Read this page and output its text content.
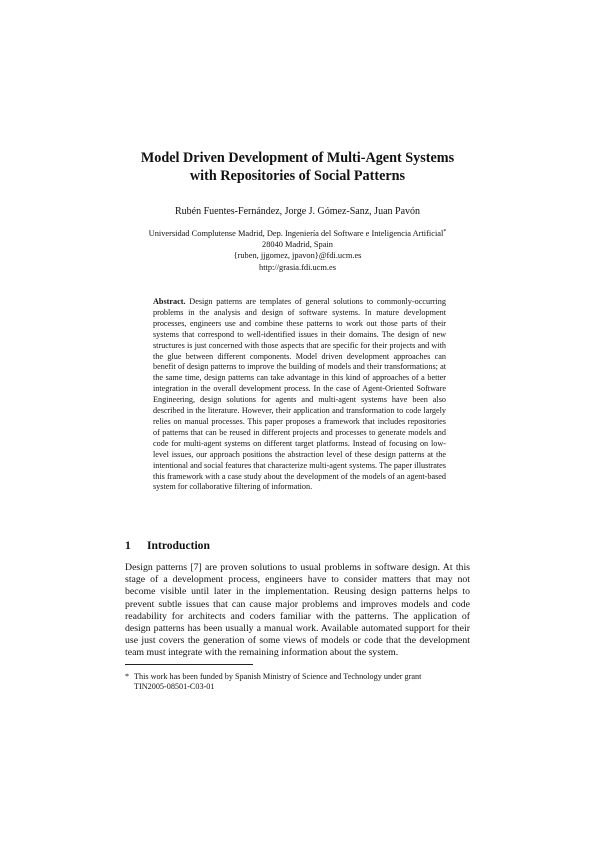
Model Driven Development of Multi-Agent Systems
with Repositories of Social Patterns
Rubén Fuentes-Fernández, Jorge J. Gómez-Sanz, Juan Pavón
Universidad Complutense Madrid, Dep. Ingeniería del Software e Inteligencia Artificial*
28040 Madrid, Spain
{ruben, jjgomez, jpavon}@fdi.ucm.es
http://grasia.fdi.ucm.es
Abstract. Design patterns are templates of general solutions to commonly-occurring problems in the analysis and design of software systems. In mature development processes, engineers use and combine these patterns to work out those parts of their systems that correspond to well-identified issues in their domains. The design of new structures is just concerned with those aspects that are specific for their projects and with the glue between different components. Model driven development approaches can benefit of design patterns to improve the building of models and their transformations; at the same time, design patterns can take advantage in this kind of approaches of a better integration in the overall development process. In the case of Agent-Oriented Software Engineering, design solutions for agents and multi-agent systems have been also described in the literature. However, their application and transformation to code largely relies on manual processes. This paper proposes a framework that includes repositories of patterns that can be reused in different projects and processes to generate models and code for multi-agent systems on different target platforms. Instead of focusing on low-level issues, our approach positions the abstraction level of these design patterns at the intentional and social features that characterize multi-agent systems. The paper illustrates this framework with a case study about the development of the models of an agent-based system for collaborative filtering of information.
1 Introduction
Design patterns [7] are proven solutions to usual problems in software design. At this stage of a development process, engineers have to consider matters that may not become visible until later in the implementation. Reusing design patterns helps to prevent subtle issues that can cause major problems and improves models and code readability for architects and coders familiar with the patterns. The application of design patterns has been usually a manual work. Available automated support for their use just covers the generation of some views of models or code that the development team must integrate with the remaining information about the system.
* This work has been funded by Spanish Ministry of Science and Technology under grant
TIN2005-08501-C03-01
